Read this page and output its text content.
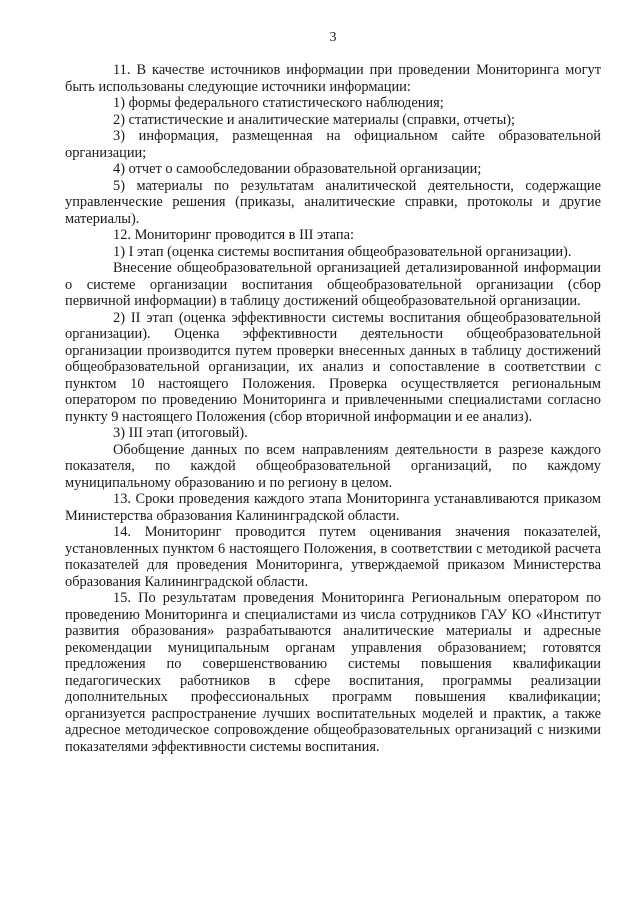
3

11. В качестве источников информации при проведении Мониторинга могут быть использованы следующие источники информации:

1) формы федерального статистического наблюдения;

2) статистические и аналитические материалы (справки, отчеты);

3) информация, размещенная на официальном сайте образовательной организации;

4) отчет о самообследовании образовательной организации;

5) материалы по результатам аналитической деятельности, содержащие управленческие решения (приказы, аналитические справки, протоколы и другие материалы).

12. Мониторинг проводится в III этапа:

1) I этап (оценка системы воспитания общеобразовательной организации).

Внесение общеобразовательной организацией детализированной информации о системе организации воспитания общеобразовательной организации (сбор первичной информации) в таблицу достижений общеобразовательной организации.

2) II этап (оценка эффективности системы воспитания общеобразовательной организации). Оценка эффективности деятельности общеобразовательной организации производится путем проверки внесенных данных в таблицу достижений общеобразовательной организации, их анализ и сопоставление в соответствии с пунктом 10 настоящего Положения. Проверка осуществляется региональным оператором по проведению Мониторинга и привлеченными специалистами согласно пункту 9 настоящего Положения (сбор вторичной информации и ее анализ).

3) III этап (итоговый).

Обобщение данных по всем направлениям деятельности в разрезе каждого показателя, по каждой общеобразовательной организаций, по каждому муниципальному образованию и по региону в целом.

13. Сроки проведения каждого этапа Мониторинга устанавливаются приказом Министерства образования Калининградской области.

14. Мониторинг проводится путем оценивания значения показателей, установленных пунктом 6 настоящего Положения, в соответствии с методикой расчета показателей для проведения Мониторинга, утверждаемой приказом Министерства образования Калининградской области.

15. По результатам проведения Мониторинга Региональным оператором по проведению Мониторинга и специалистами из числа сотрудников ГАУ КО «Институт развития образования» разрабатываются аналитические материалы и адресные рекомендации муниципальным органам управления образованием; готовятся предложения по совершенствованию системы повышения квалификации педагогических работников в сфере воспитания, программы реализации дополнительных профессиональных программ повышения квалификации; организуется распространение лучших воспитательных моделей и практик, а также адресное методическое сопровождение общеобразовательных организаций с низкими показателями эффективности системы воспитания.
